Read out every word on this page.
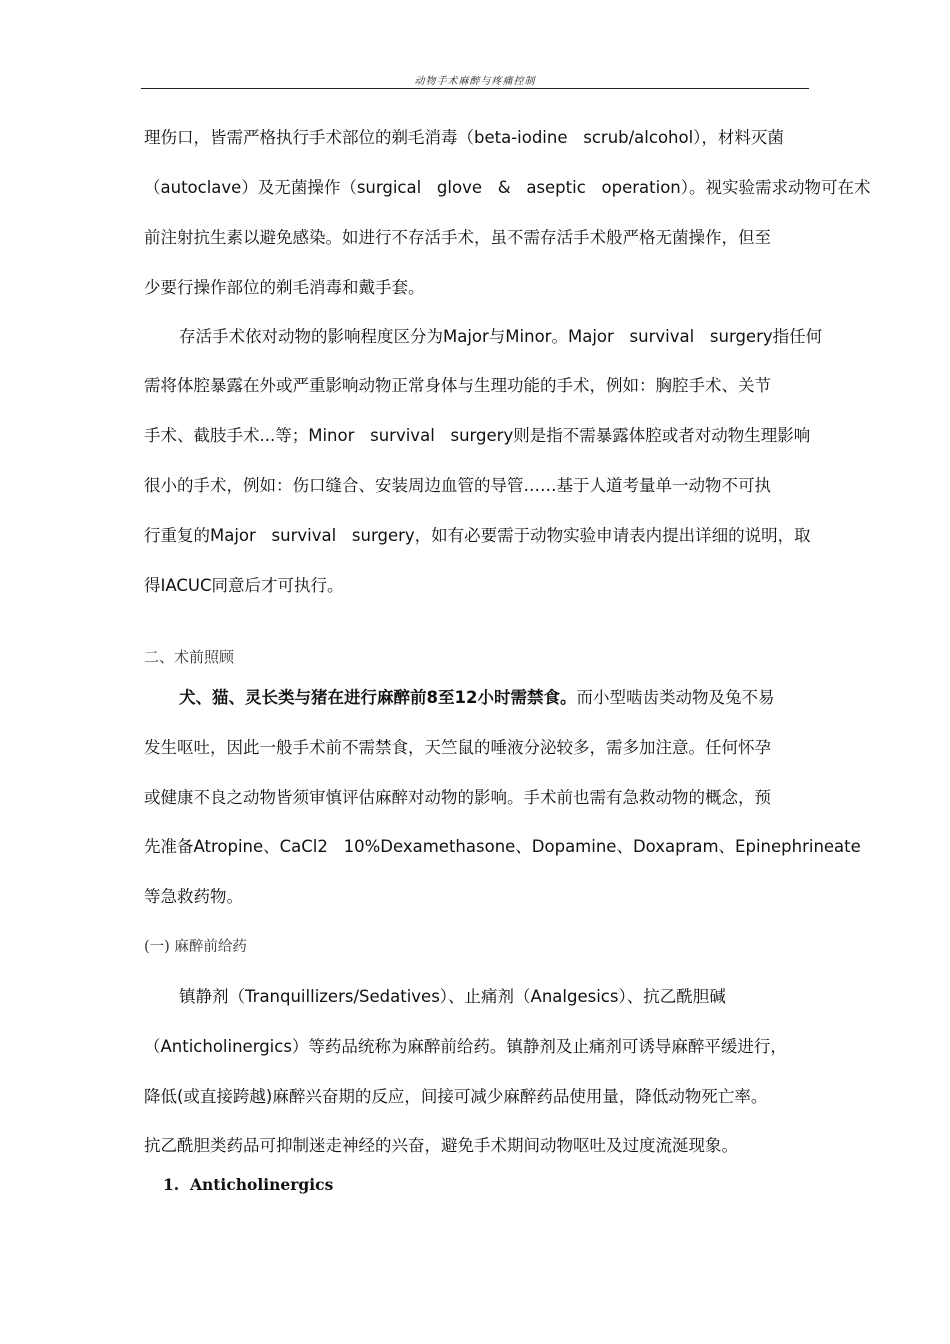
动物手术麻醉与疼痛控制
理伤口，皆需严格执行手术部位的剃毛消毒（beta-iodine   scrub/alcohol），材料灭菌
（autoclave）及无菌操作（surgical   glove   &   aseptic   operation）。视实验需求动物可在术
前注射抗生素以避免感染。如进行不存活手术，虽不需存活手术般严格无菌操作，但至
少要行操作部位的剃毛消毒和戴手套。
存活手术依对动物的影响程度区分为Major与Minor。Major   survival   surgery指任何
需将体腔暴露在外或严重影响动物正常身体与生理功能的手术，例如：胸腔手术、关节
手术、截肢手术...等；Minor   survival   surgery则是指不需暴露体腔或者对动物生理影响
很小的手术，例如：伤口缝合、安装周边血管的导管……基于人道考量单一动物不可执
行重复的Major   survival   surgery，如有必要需于动物实验申请表内提出详细的说明，取
得IACUC同意后才可执行。
二、术前照顾
犬、猫、灵长类与猪在进行麻醉前8至12小时需禁食。而小型啮齿类动物及兔不易
发生呕吐，因此一般手术前不需禁食，天竺鼠的唾液分泌较多，需多加注意。任何怀孕
或健康不良之动物皆须审慎评估麻醉对动物的影响。手术前也需有急救动物的概念，预
先准备Atropine、CaCl2   10%Dexamethasone、Dopamine、Doxapram、Epinephrineate
等急救药物。
(一) 麻醉前给药
镇静剂（Tranquillizers/Sedatives）、止痛剂（Analgesics）、抗乙酰胆碱
（Anticholinergics）等药品统称为麻醉前给药。镇静剂及止痛剂可诱导麻醉平缓进行，
降低(或直接跨越)麻醉兴奋期的反应，间接可减少麻醉药品使用量，降低动物死亡率。
抗乙酰胆类药品可抑制迷走神经的兴奋，避免手术期间动物呕吐及过度流涎现象。
1.  Anticholinergics
